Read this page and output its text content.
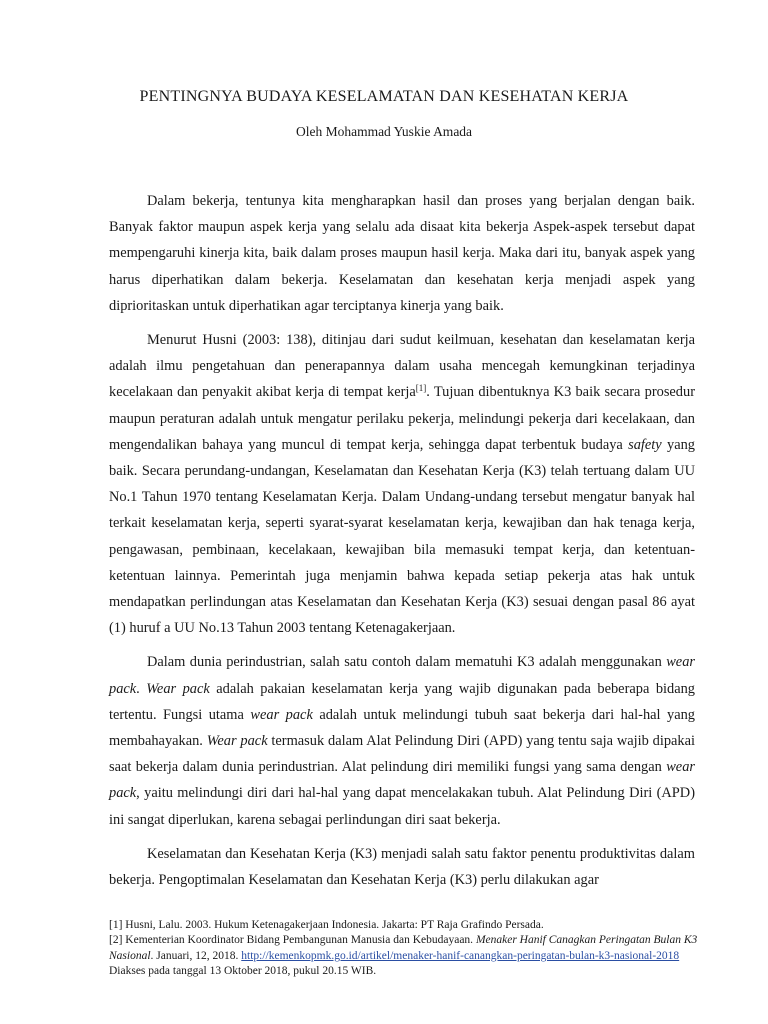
PENTINGNYA BUDAYA KESELAMATAN DAN KESEHATAN KERJA
Oleh Mohammad Yuskie Amada

Dalam bekerja, tentunya kita mengharapkan hasil dan proses yang berjalan dengan baik. Banyak faktor maupun aspek kerja yang selalu ada disaat kita bekerja Aspek-aspek tersebut dapat mempengaruhi kinerja kita, baik dalam proses maupun hasil kerja. Maka dari itu, banyak aspek yang harus diperhatikan dalam bekerja. Keselamatan dan kesehatan kerja menjadi aspek yang diprioritaskan untuk diperhatikan agar terciptanya kinerja yang baik.

Menurut Husni (2003: 138), ditinjau dari sudut keilmuan, kesehatan dan keselamatan kerja adalah ilmu pengetahuan dan penerapannya dalam usaha mencegah kemungkinan terjadinya kecelakaan dan penyakit akibat kerja di tempat kerja[1]. Tujuan dibentuknya K3 baik secara prosedur maupun peraturan adalah untuk mengatur perilaku pekerja, melindungi pekerja dari kecelakaan, dan mengendalikan bahaya yang muncul di tempat kerja, sehingga dapat terbentuk budaya safety yang baik. Secara perundang-undangan, Keselamatan dan Kesehatan Kerja (K3) telah tertuang dalam UU No.1 Tahun 1970 tentang Keselamatan Kerja. Dalam Undang-undang tersebut mengatur banyak hal terkait keselamatan kerja, seperti syarat-syarat keselamatan kerja, kewajiban dan hak tenaga kerja, pengawasan, pembinaan, kecelakaan, kewajiban bila memasuki tempat kerja, dan ketentuan-ketentuan lainnya. Pemerintah juga menjamin bahwa kepada setiap pekerja atas hak untuk mendapatkan perlindungan atas Keselamatan dan Kesehatan Kerja (K3) sesuai dengan pasal 86 ayat (1) huruf a UU No.13 Tahun 2003 tentang Ketenagakerjaan.

Dalam dunia perindustrian, salah satu contoh dalam mematuhi K3 adalah menggunakan wear pack. Wear pack adalah pakaian keselamatan kerja yang wajib digunakan pada beberapa bidang tertentu. Fungsi utama wear pack adalah untuk melindungi tubuh saat bekerja dari hal-hal yang membahayakan. Wear pack termasuk dalam Alat Pelindung Diri (APD) yang tentu saja wajib dipakai saat bekerja dalam dunia perindustrian. Alat pelindung diri memiliki fungsi yang sama dengan wear pack, yaitu melindungi diri dari hal-hal yang dapat mencelakakan tubuh. Alat Pelindung Diri (APD) ini sangat diperlukan, karena sebagai perlindungan diri saat bekerja.

Keselamatan dan Kesehatan Kerja (K3) menjadi salah satu faktor penentu produktivitas dalam bekerja. Pengoptimalan Keselamatan dan Kesehatan Kerja (K3) perlu dilakukan agar

[1] Husni, Lalu. 2003. Hukum Ketenagakerjaan Indonesia. Jakarta: PT Raja Grafindo Persada.
[2] Kementerian Koordinator Bidang Pembangunan Manusia dan Kebudayaan. Menaker Hanif Canagkan Peringatan Bulan K3 Nasional. Januari, 12, 2018. http://kemenkopmk.go.id/artikel/menaker-hanif-canangkan-peringatan-bulan-k3-nasional-2018 Diakses pada tanggal 13 Oktober 2018, pukul 20.15 WIB.
